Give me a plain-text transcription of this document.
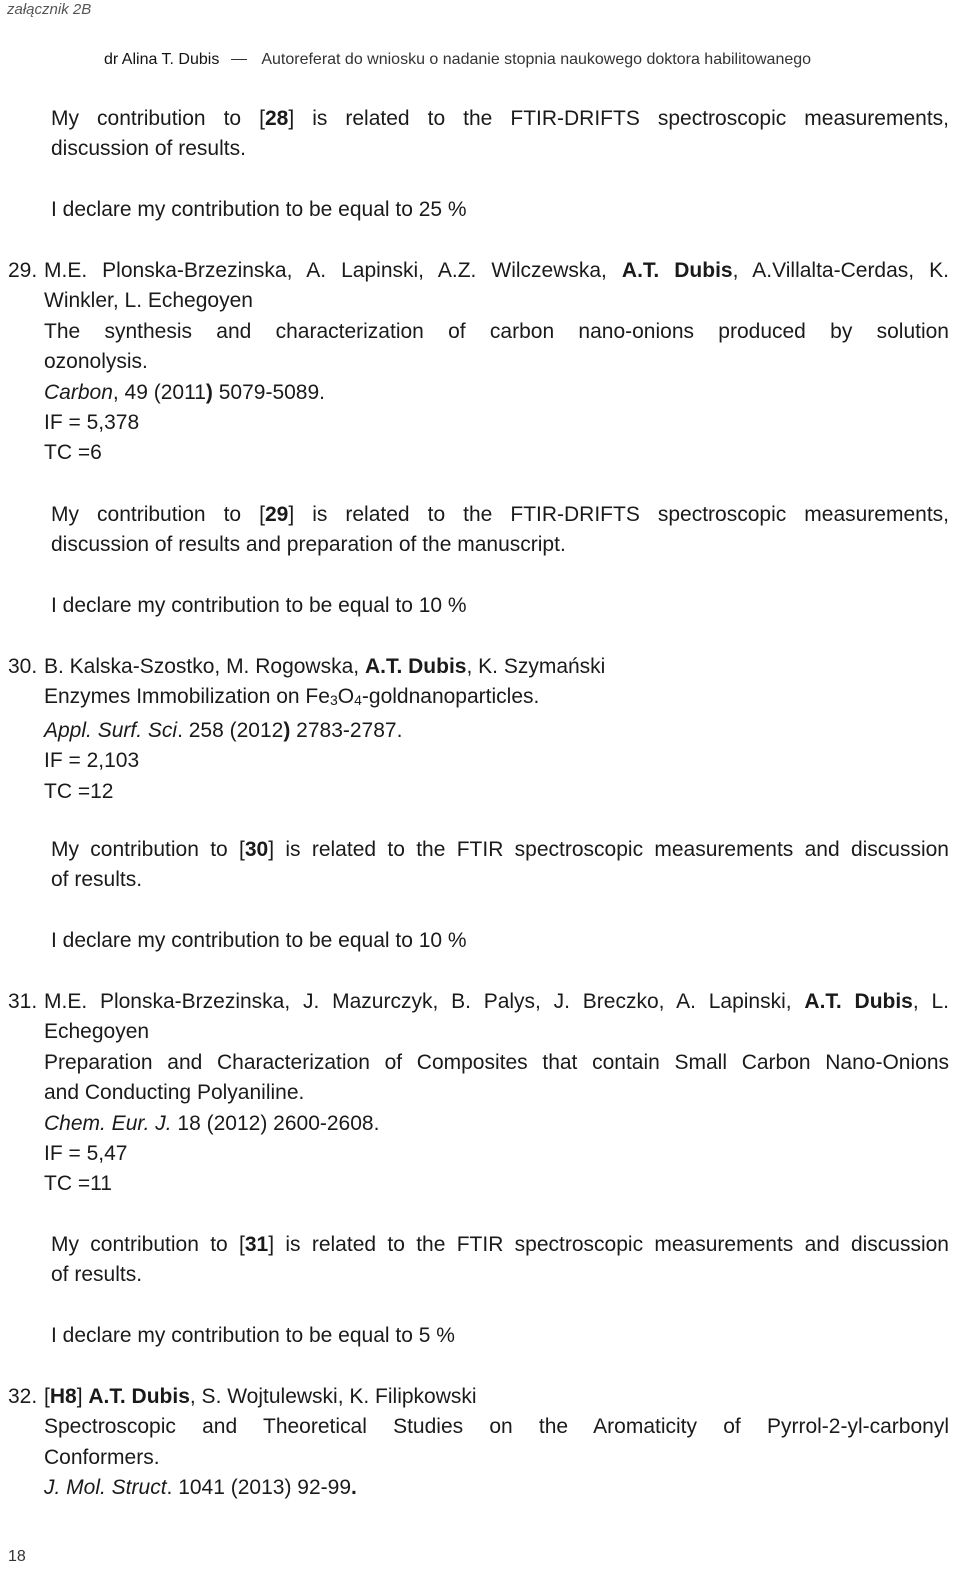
załącznik 2B
dr Alina T. Dubis	Autoreferat do wniosku o nadanie stopnia naukowego doktora habilitowanego
My contribution to [28] is related to the FTIR-DRIFTS spectroscopic measurements,
discussion of results.
I declare my contribution to be equal to 25 %
29. M.E. Plonska-Brzezinska, A. Lapinski, A.Z. Wilczewska, A.T. Dubis, A.Villalta-Cerdas, K.
Winkler, L. Echegoyen
The synthesis and characterization of carbon nano-onions produced by solution
ozonolysis.
Carbon, 49 (2011) 5079-5089.
IF = 5,378
TC =6
My contribution to [29] is related to the FTIR-DRIFTS spectroscopic measurements,
discussion of results and preparation of the manuscript.
I declare my contribution to be equal to 10 %
30. B. Kalska-Szostko, M. Rogowska, A.T. Dubis, K. Szymański
Enzymes Immobilization on Fe3O4-goldnanoparticles.
Appl. Surf. Sci. 258 (2012) 2783-2787.
IF = 2,103
TC =12
My contribution to [30] is related to the FTIR spectroscopic measurements and discussion
of results.
I declare my contribution to be equal to 10 %
31. M.E. Plonska-Brzezinska, J. Mazurczyk, B. Palys, J. Breczko, A. Lapinski, A.T. Dubis, L.
Echegoyen
Preparation and Characterization of Composites that contain Small Carbon Nano-Onions
and Conducting Polyaniline.
Chem. Eur. J. 18 (2012) 2600-2608.
IF = 5,47
TC =11
My contribution to [31] is related to the FTIR spectroscopic measurements and discussion
of results.
I declare my contribution to be equal to 5 %
32. [H8] A.T. Dubis, S. Wojtulewski, K. Filipkowski
Spectroscopic and Theoretical Studies on the Aromaticity of Pyrrol-2-yl-carbonyl
Conformers.
J. Mol. Struct. 1041 (2013) 92-99.
18
